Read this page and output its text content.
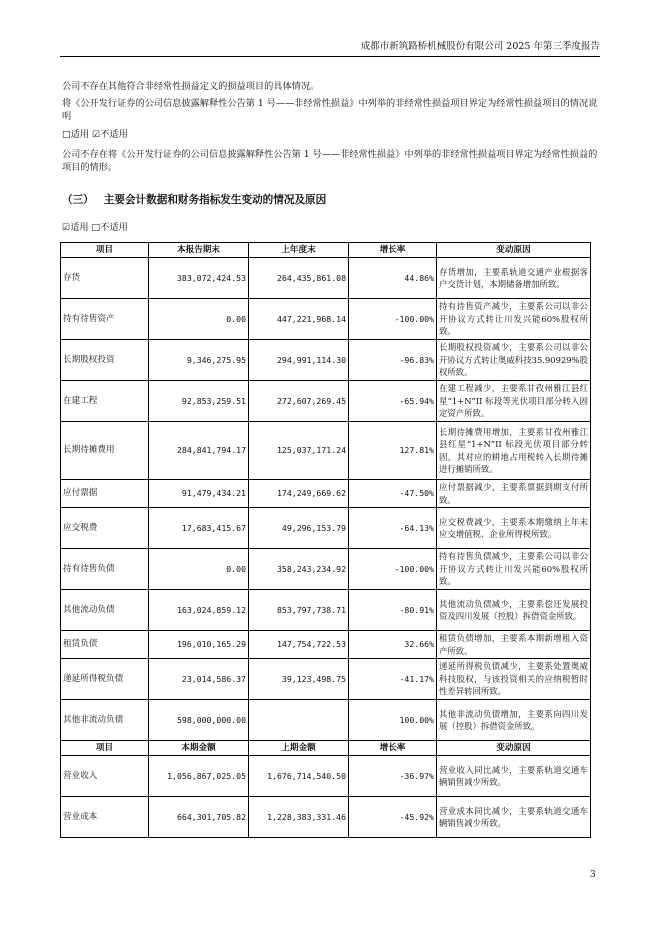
成都市新筑路桥机械股份有限公司 2025 年第三季度报告
公司不存在其他符合非经常性损益定义的损益项目的具体情况。
将《公开发行证券的公司信息披露解释性公告第 1 号——非经常性损益》中列举的非经常性损益项目界定为经常性损益项目的情况说明
□适用 ☑不适用
公司不存在将《公开发行证券的公司信息披露解释性公告第 1 号——非经常性损益》中列举的非经常性损益项目界定为经常性损益的项目的情形。
（三） 主要会计数据和财务指标发生变动的情况及原因
☑适用 □不适用
项目	本报告期末	上年度末	增长率	变动原因
存货	383,072,424.53	264,435,861.08	44.86%	存货增加，主要系轨道交通产业根据客户交货计划，本期储备增加所致。
持有待售资产	0.00	447,221,968.14	-100.00%	持有待售资产减少，主要系公司以非公开协议方式转让川发兴能60%股权所致。
长期股权投资	9,346,275.95	294,991,114.30	-96.83%	长期股权投资减少，主要系公司以非公开协议方式转让奥威科技35.90929%股权所致。
在建工程	92,853,259.51	272,607,269.45	-65.94%	在建工程减少，主要系甘孜州雅江县红星“1+N”II 标段等光伏项目部分转入固定资产所致。
长期待摊费用	284,841,794.17	125,037,171.24	127.81%	长期待摊费用增加，主要系甘孜州雅江县红星“1+N”II 标段光伏项目部分转固，其对应的耕地占用税转入长期待摊进行摊销所致。
应付票据	91,479,434.21	174,249,669.62	-47.50%	应付票据减少，主要系票据到期支付所致。
应交税费	17,683,415.67	49,296,153.79	-64.13%	应交税费减少，主要系本期缴纳上年末应交增值税、企业所得税所致。
持有待售负债	0.00	358,243,234.92	-100.00%	持有待售负债减少，主要系公司以非公开协议方式转让川发兴能60%股权所致。
其他流动负债	163,024,859.12	853,797,738.71	-80.91%	其他流动负债减少，主要系偿还发展投资及四川发展（控股）拆借资金所致。
租赁负债	196,010,165.29	147,754,722.53	32.66%	租赁负债增加，主要系本期新增租入资产所致。
递延所得税负债	23,014,586.37	39,123,498.75	-41.17%	递延所得税负债减少，主要系处置奥威科技股权，与该投资相关的应纳税暂时性差异转回所致。
其他非流动负债	598,000,000.00		100.00%	其他非流动负债增加，主要系向四川发展（控股）拆借资金所致。
项目	本期金额	上期金额	增长率	变动原因
营业收入	1,056,867,025.05	1,676,714,540.50	-36.97%	营业收入同比减少，主要系轨道交通车辆销售减少所致。
营业成本	664,301,705.82	1,228,383,331.46	-45.92%	营业成本同比减少，主要系轨道交通车辆销售减少所致。
3
